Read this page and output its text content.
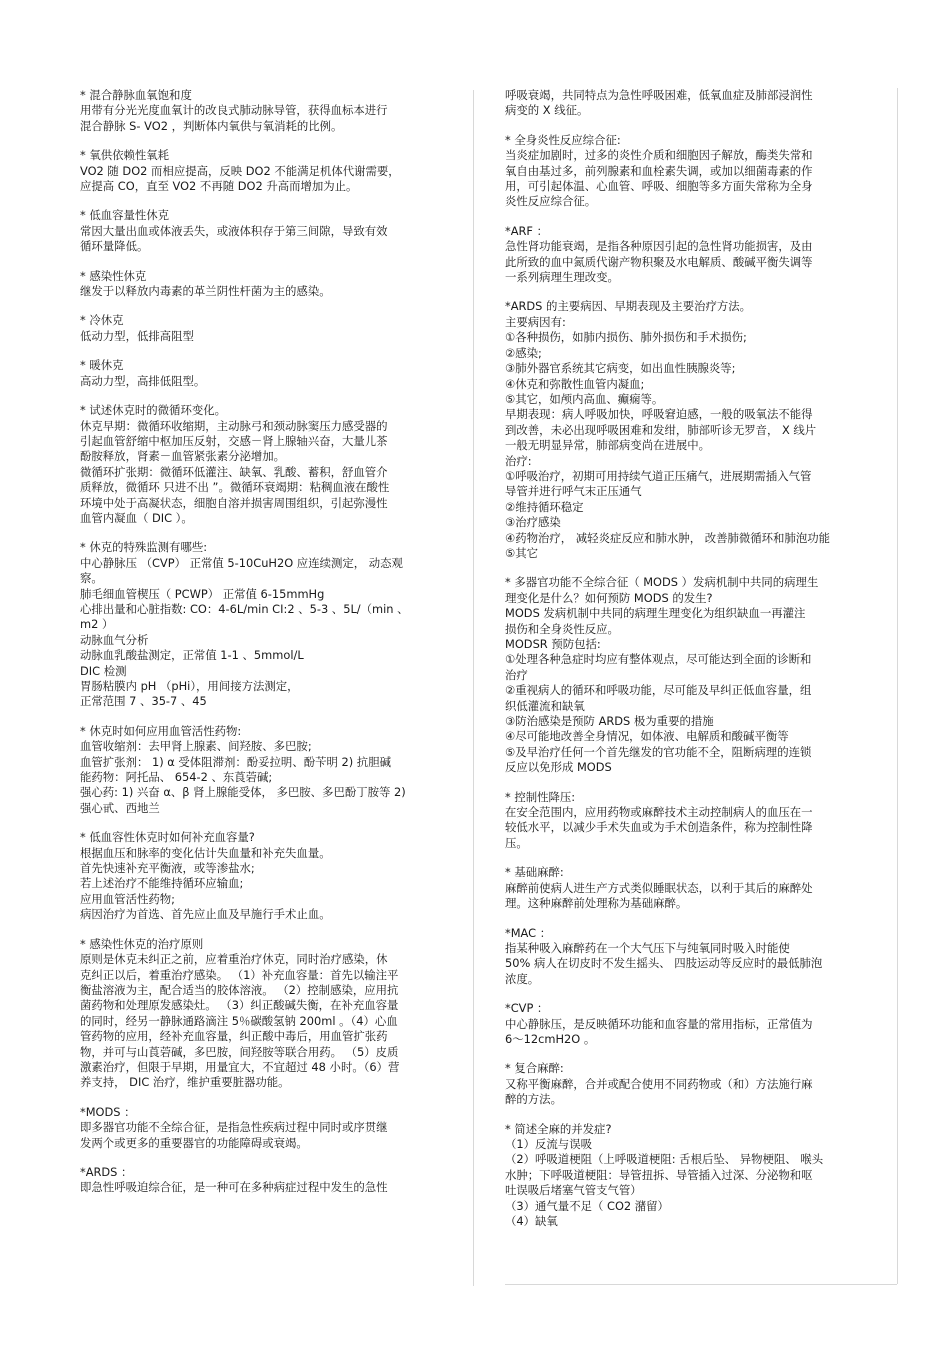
* 混合静脉血氧饱和度
用带有分光光度血氧计的改良式肺动脉导管，获得血标本进行
混合静脉 S- VO2 ，判断体内氧供与氧消耗的比例。
* 氧供依赖性氧耗
VO2 随 DO2 而相应提高，反映 DO2 不能满足机体代谢需要，
应提高 CO，直至 VO2 不再随 DO2 升高而增加为止。
* 低血容量性休克
常因大量出血或体液丢失，或液体积存于第三间隙，导致有效
循环量降低。
* 感染性休克
继发于以释放内毒素的革兰阴性杆菌为主的感染。
* 冷休克
低动力型，低排高阻型
* 暖休克
高动力型，高排低阻型。
* 试述休克时的微循环变化。
休克早期：微循环收缩期，主动脉弓和颈动脉窦压力感受器的
引起血管舒缩中枢加压反射，交感－肾上腺轴兴奋，大量儿茶
酚胺释放，肾素－血管紧张素分泌增加。
微循环扩张期：微循环低灌注、缺氧、乳酸、蓄积，舒血管介
质释放，微循环 只进不出 ”。微循环衰竭期：粘稠血液在酸性
环境中处于高凝状态，细胞自溶并损害周围组织，引起弥漫性
血管内凝血（ DIC ）。
* 休克的特殊监测有哪些:
中心静脉压 （CVP） 正常值 5-10CuH2O 应连续测定， 动态观
察。
肺毛细血管楔压（ PCWP） 正常值 6-15mmHg
心排出量和心脏指数: CO：4-6L/min CI:2 、5-3 、5L/（min 、
m2 ）
动脉血气分析
动脉血乳酸盐测定，正常值 1-1 、5mmol/L
DIC 检测
胃肠粘膜内 pH （pHi），用间接方法测定，
正常范围 7 、35-7 、45
* 休克时如何应用血管活性药物:
血管收缩剂：去甲肾上腺素、间羟胺、多巴胺;
血管扩张剂： 1) α 受体阻滞剂：酚妥拉明、酚苄明 2) 抗胆碱
能药物：阿托品、 654-2 、东莨菪碱;
强心药: 1) 兴奋 α、β 肾上腺能受体， 多巴胺、多巴酚丁胺等 2)
强心甙、西地兰
* 低血容性休克时如何补充血容量?
根据血压和脉率的变化估计失血量和补充失血量。
首先快速补充平衡液，或等渗盐水;
若上述治疗不能维持循环应输血;
应用血管活性药物;
病因治疗为首选、首先应止血及早施行手术止血。
* 感染性休克的治疗原则
原则是休克未纠正之前，应着重治疗休克，同时治疗感染，休
克纠正以后，着重治疗感染。 （1）补充血容量：首先以输注平
衡盐溶液为主，配合适当的胶体溶液。 （2）控制感染，应用抗
菌药物和处理原发感染灶。 （3）纠正酸碱失衡，在补充血容量
的同时，经另一静脉通路滴注 5％碳酸氢钠 200ml 。（4）心血
管药物的应用，经补充血容量，纠正酸中毒后，用血管扩张药
物，并可与山莨菪碱，多巴胺，间羟胺等联合用药。 （5）皮质
激素治疗，但限于早期，用量宜大，不宜超过 48 小时。（6）营
养支持， DIC 治疗，维护重要脏器功能。
*MODS ：
即多器官功能不全综合征，是指急性疾病过程中同时或序贯继
发两个或更多的重要器官的功能障碍或衰竭。
*ARDS ：
即急性呼吸迫综合征，是一种可在多种病症过程中发生的急性
呼吸衰竭，共同特点为急性呼吸困难，低氧血症及肺部浸润性
病变的 X 线征。
* 全身炎性反应综合征:
当炎症加剧时，过多的炎性介质和细胞因子解放，酶类失常和
氧自由基过多，前列腺素和血栓素失调，或加以细菌毒素的作
用，可引起体温、心血管、呼吸、细胞等多方面失常称为全身
炎性反应综合征。
*ARF ：
急性肾功能衰竭，是指各种原因引起的急性肾功能损害，及由
此所致的血中氮质代谢产物积聚及水电解质、酸碱平衡失调等
一系列病理生理改变。
*ARDS 的主要病因、早期表现及主要治疗方法。
主要病因有:
①各种损伤，如肺内损伤、肺外损伤和手术损伤;
②感染;
③肺外器官系统其它病变，如出血性胰腺炎等;
④休克和弥散性血管内凝血;
⑤其它，如颅内高血、癫痫等。
早期表现：病人呼吸加快，呼吸窘迫感，一般的吸氧法不能得
到改善，未必出现呼吸困难和发绀，肺部听诊无罗音， X 线片
一般无明显异常，肺部病变尚在进展中。
治疗:
①呼吸治疗，初期可用持续气道正压痛气，进展期需插入气管
导管并进行呼气末正压通气
②维持循环稳定
③治疗感染
④药物治疗， 减轻炎症反应和肺水肿， 改善肺微循环和肺泡功能
⑤其它
* 多器官功能不全综合征（ MODS ）发病机制中共同的病理生
理变化是什么？如何预防 MODS 的发生?
MODS 发病机制中共同的病理生理变化为组织缺血一再灌注
损伤和全身炎性反应。
MODSR 预防包括:
①处理各种急症时均应有整体观点，尽可能达到全面的诊断和
治疗
②重视病人的循环和呼吸功能，尽可能及早纠正低血容量，组
织低灌流和缺氧
③防治感染是预防 ARDS 极为重要的措施
④尽可能地改善全身情况，如体液、电解质和酸碱平衡等
⑤及早治疗任何一个首先继发的官功能不全，阻断病理的连锁
反应以免形成 MODS
* 控制性降压:
在安全范围内，应用药物或麻醉技术主动控制病人的血压在一
较低水平，以减少手术失血或为手术创造条件，称为控制性降
压。
* 基础麻醉:
麻醉前使病人进生产方式类似睡眠状态，以利于其后的麻醉处
理。这种麻醉前处理称为基础麻醉。
*MAC ：
指某种吸入麻醉药在一个大气压下与纯氧同时吸入时能使
50% 病人在切皮时不发生摇头、 四肢运动等反应时的最低肺泡
浓度。
*CVP ：
中心静脉压，是反映循环功能和血容量的常用指标，正常值为
6～12cmH2O 。
* 复合麻醉:
又称平衡麻醉，合并或配合使用不同药物或（和）方法施行麻
醉的方法。
* 简述全麻的并发症?
（1）反流与误吸
（2）呼吸道梗阻（上呼吸道梗阻: 舌根后坠、 异物梗阻、 喉头
水肿；下呼吸道梗阻：导管扭拆、导管插入过深、分泌物和呕
吐误吸后堵塞气管支气管）
（3）通气量不足（ CO2 潴留）
（4）缺氧
